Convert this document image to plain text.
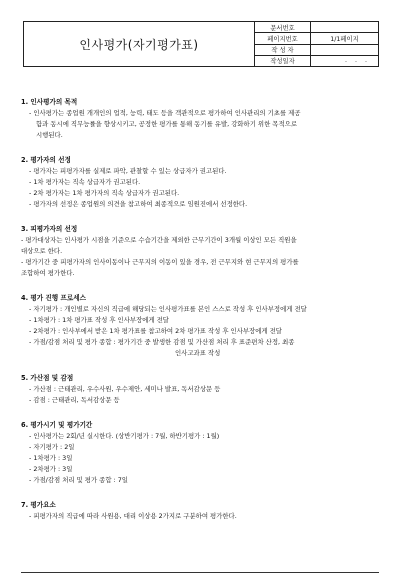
인사평가(자기평가표)
문서번호
페이지번호	1/1페이지
작 성 자
작성일자	. . .
1. 인사평가의 목적
- 인사평가는 종업원 개개인의 업적, 능력, 태도 등을 객관적으로 평가하여 인사관리의 기초를 제공
함과 동시에 직무능률을 향상시키고, 공정한 평가를 통해 동기를 유발, 강화하기 위한 목적으로
시행된다.
2. 평가자의 선정
- 평가자는 피평가자를 실제로 파악, 관찰할 수 있는 상급자가 권고된다.
- 1차 평가자는 직속 상급자가 권고된다.
- 2차 평가자는 1차 평가자의 직속 상급자가 권고된다.
- 평가자의 선정은 종업원의 의견을 참고하여 최종적으로 임원진에서 선정한다.
3. 피평가자의 선정
- 평가대상자는 인사평가 시점을 기준으로 수습기간을 제외한 근무기간이 3개월 이상인 모든 직원을
대상으로 한다.
- 평가기간 중 피평가자의 인사이동이나 근무지의 이동이 있을 경우, 전 근무지와 현 근무지의 평가를
조합하여 평가한다.
4. 평가 진행 프로세스
- 자기평가 : 개인별로 자신의 직급에 해당되는 인사평가표를 본인 스스로 작성 후 인사부정에게 전달
- 1차평가 : 1차 평가표 작성 후 인사부장에게 전달
- 2차평가 : 인사부에서 받은 1차 평가표를 참고하여 2차 평가표 작성 후 인사부장에게 전달
- 가점/감점 처리 및 평가 종합 : 평가기간 중 발생한 감점 및 가산점 처리 후 표준편차 산정, 최종
인사고과표 작성
5. 가산점 및 감점
- 가산점 : 근태관리, 우수사원, 우수제안, 세미나 발표, 독서감상문 등
- 감점 : 근태관리, 독서감상문 등
6. 평가시기 및 평가기간
- 인사평가는 2회/년 실시한다. (상반기평가 : 7월, 하반기평가 : 1월)
- 자기평가 : 2일
- 1차평가 : 3일
- 2차평가 : 3일
- 가점/감점 처리 및 평가 종합 : 7일
7. 평가요소
- 피평가자의 직급에 따라 사원용, 대리 이상용 2가지로 구분하여 평가한다.
